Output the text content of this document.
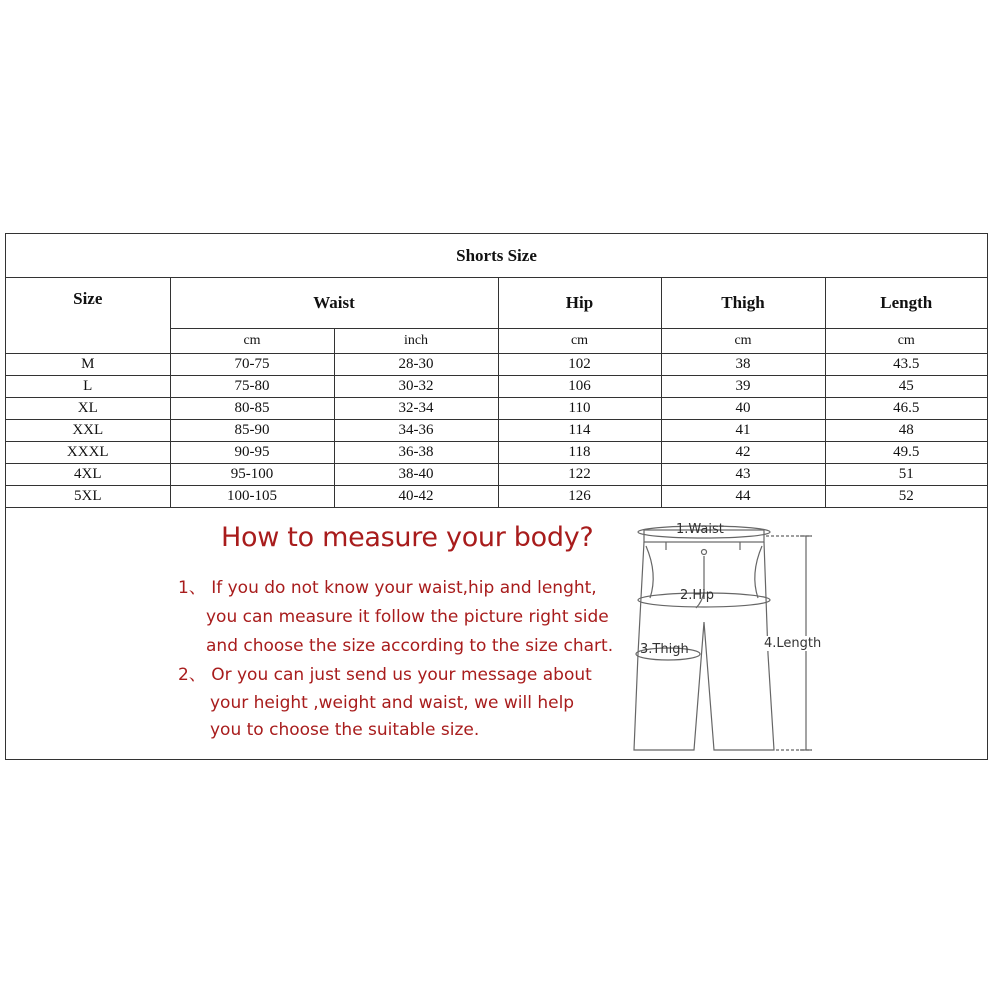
Shorts Size					
Size	Waist		Hip	Thigh	Length
	cm	inch	cm	cm	cm
M	70-75	28-30	102	38	43.5
L	75-80	30-32	106	39	45
XL	80-85	32-34	110	40	46.5
XXL	85-90	34-36	114	41	48
XXXL	90-95	36-38	118	42	49.5
4XL	95-100	38-40	122	43	51
5XL	100-105	40-42	126	44	52
How to measure your body?
1、 If you do not know your waist,hip and lenght,
you can measure it follow the picture right side
and choose the size according to the size chart.
2、 Or you can just send us your message about
your height ,weight and waist, we will help
you to choose the suitable size.
1.Waist
2.Hip
3.Thigh	4.Length
